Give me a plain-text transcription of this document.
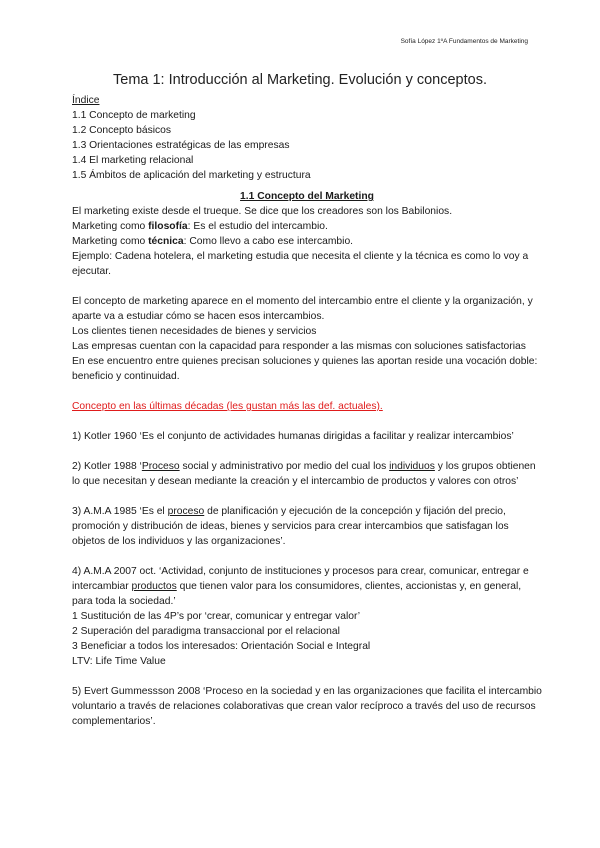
Sofía López 1ºA Fundamentos de Marketing
Tema 1: Introducción al Marketing. Evolución y conceptos.

Índice

1.1 Concepto de marketing

1.2 Concepto básicos

1.3 Orientaciones estratégicas de las empresas

1.4 El marketing relacional

1.5 Ámbitos de aplicación del marketing y estructura

1.1 Concepto del Marketing

El marketing existe desde el trueque. Se dice que los creadores son los Babilonios.

Marketing como filosofía: Es el estudio del intercambio.

Marketing como técnica: Como llevo a cabo ese intercambio.

Ejemplo: Cadena hotelera, el marketing estudia que necesita el cliente y la técnica es como lo voy a ejecutar.

El concepto de marketing aparece en el momento del intercambio entre el cliente y la organización, y aparte va a estudiar cómo se hacen esos intercambios.

Los clientes tienen necesidades de bienes y servicios

Las empresas cuentan con la capacidad para responder a las mismas con soluciones satisfactorias

En ese encuentro entre quienes precisan soluciones y quienes las aportan reside una vocación doble: beneficio y continuidad.

Concepto en las últimas décadas (les gustan más las def. actuales).

1) Kotler 1960 ‘Es el conjunto de actividades humanas dirigidas a facilitar y realizar intercambios’

2) Kotler 1988 ‘Proceso social y administrativo por medio del cual los individuos y los grupos obtienen lo que necesitan y desean mediante la creación y el intercambio de productos y valores con otros’

3) A.M.A 1985 ‘Es el proceso de planificación y ejecución de la concepción y fijación del precio, promoción y distribución de ideas, bienes y servicios para crear intercambios que satisfagan los objetos de los individuos y las organizaciones’.

4) A.M.A 2007 oct. ‘Actividad, conjunto de instituciones y procesos para crear, comunicar, entregar e intercambiar productos que tienen valor para los consumidores, clientes, accionistas y, en general, para toda la sociedad.’

1 Sustitución de las 4P’s por ‘crear, comunicar y entregar valor’

2 Superación del paradigma transaccional por el relacional

3 Beneficiar a todos los interesados: Orientación Social e Integral

LTV: Life Time Value

5) Evert Gummessson 2008 ‘Proceso en la sociedad y en las organizaciones que facilita el intercambio voluntario a través de relaciones colaborativas que crean valor recíproco a través del uso de recursos complementarios’.
